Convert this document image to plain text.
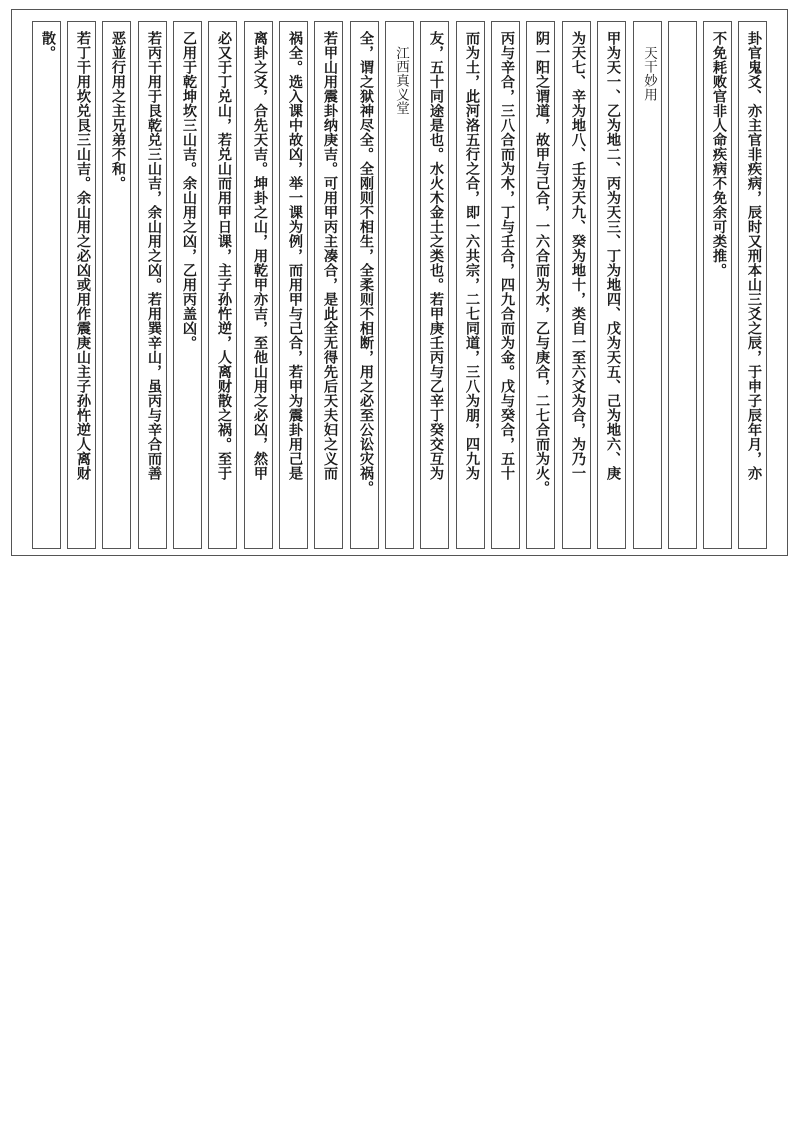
卦官鬼爻、亦主官非疾病，辰时又刑本山三爻之辰，于申子辰年月，亦
不免耗败官非人命疾病不免余可类推。
天干妙用
甲为天一、乙为地二、丙为天三、丁为地四、戊为天五、己为地六、庚
为天七、辛为地八、壬为天九、癸为地十，类自一至六爻为合，为乃一
阴一阳之谓道，故甲与己合，一六合而为水，乙与庚合，二七合而为火。
丙与辛合，三八合而为木，丁与壬合，四九合而为金。戊与癸合，五十
而为土，此河洛五行之合，即一六共宗，二七同道，三八为朋，四九为
友，五十同途是也。水火木金土之类也。若甲庚壬丙与乙辛丁癸交互为
江西真义堂
全，谓之狱神尽全。全刚则不相生，全柔则不相断，用之必至公讼灾祸。
若甲山用震卦纳庚吉。可用甲丙主凑合，是此全无得先后天夫妇之义而
祸全。选入课中故凶，举一课为例，而用甲与己合，若甲为震卦用己是
离卦之爻，合先天吉。坤卦之山，用乾甲亦吉，至他山用之必凶，然甲
必又于丁兑山，若兑山而用甲日课，主子孙忤逆，人离财散之祸。至于
乙用于乾坤坎三山吉。余山用之凶，乙用丙盖凶。
若丙干用于艮乾兑三山吉，余山用之凶。若用巽辛山，虽丙与辛合而善
恶並行用之主兄弟不和。
若丁干用坎兑艮三山吉。余山用之必凶或用作震庚山主子孙忤逆人离财
散。
